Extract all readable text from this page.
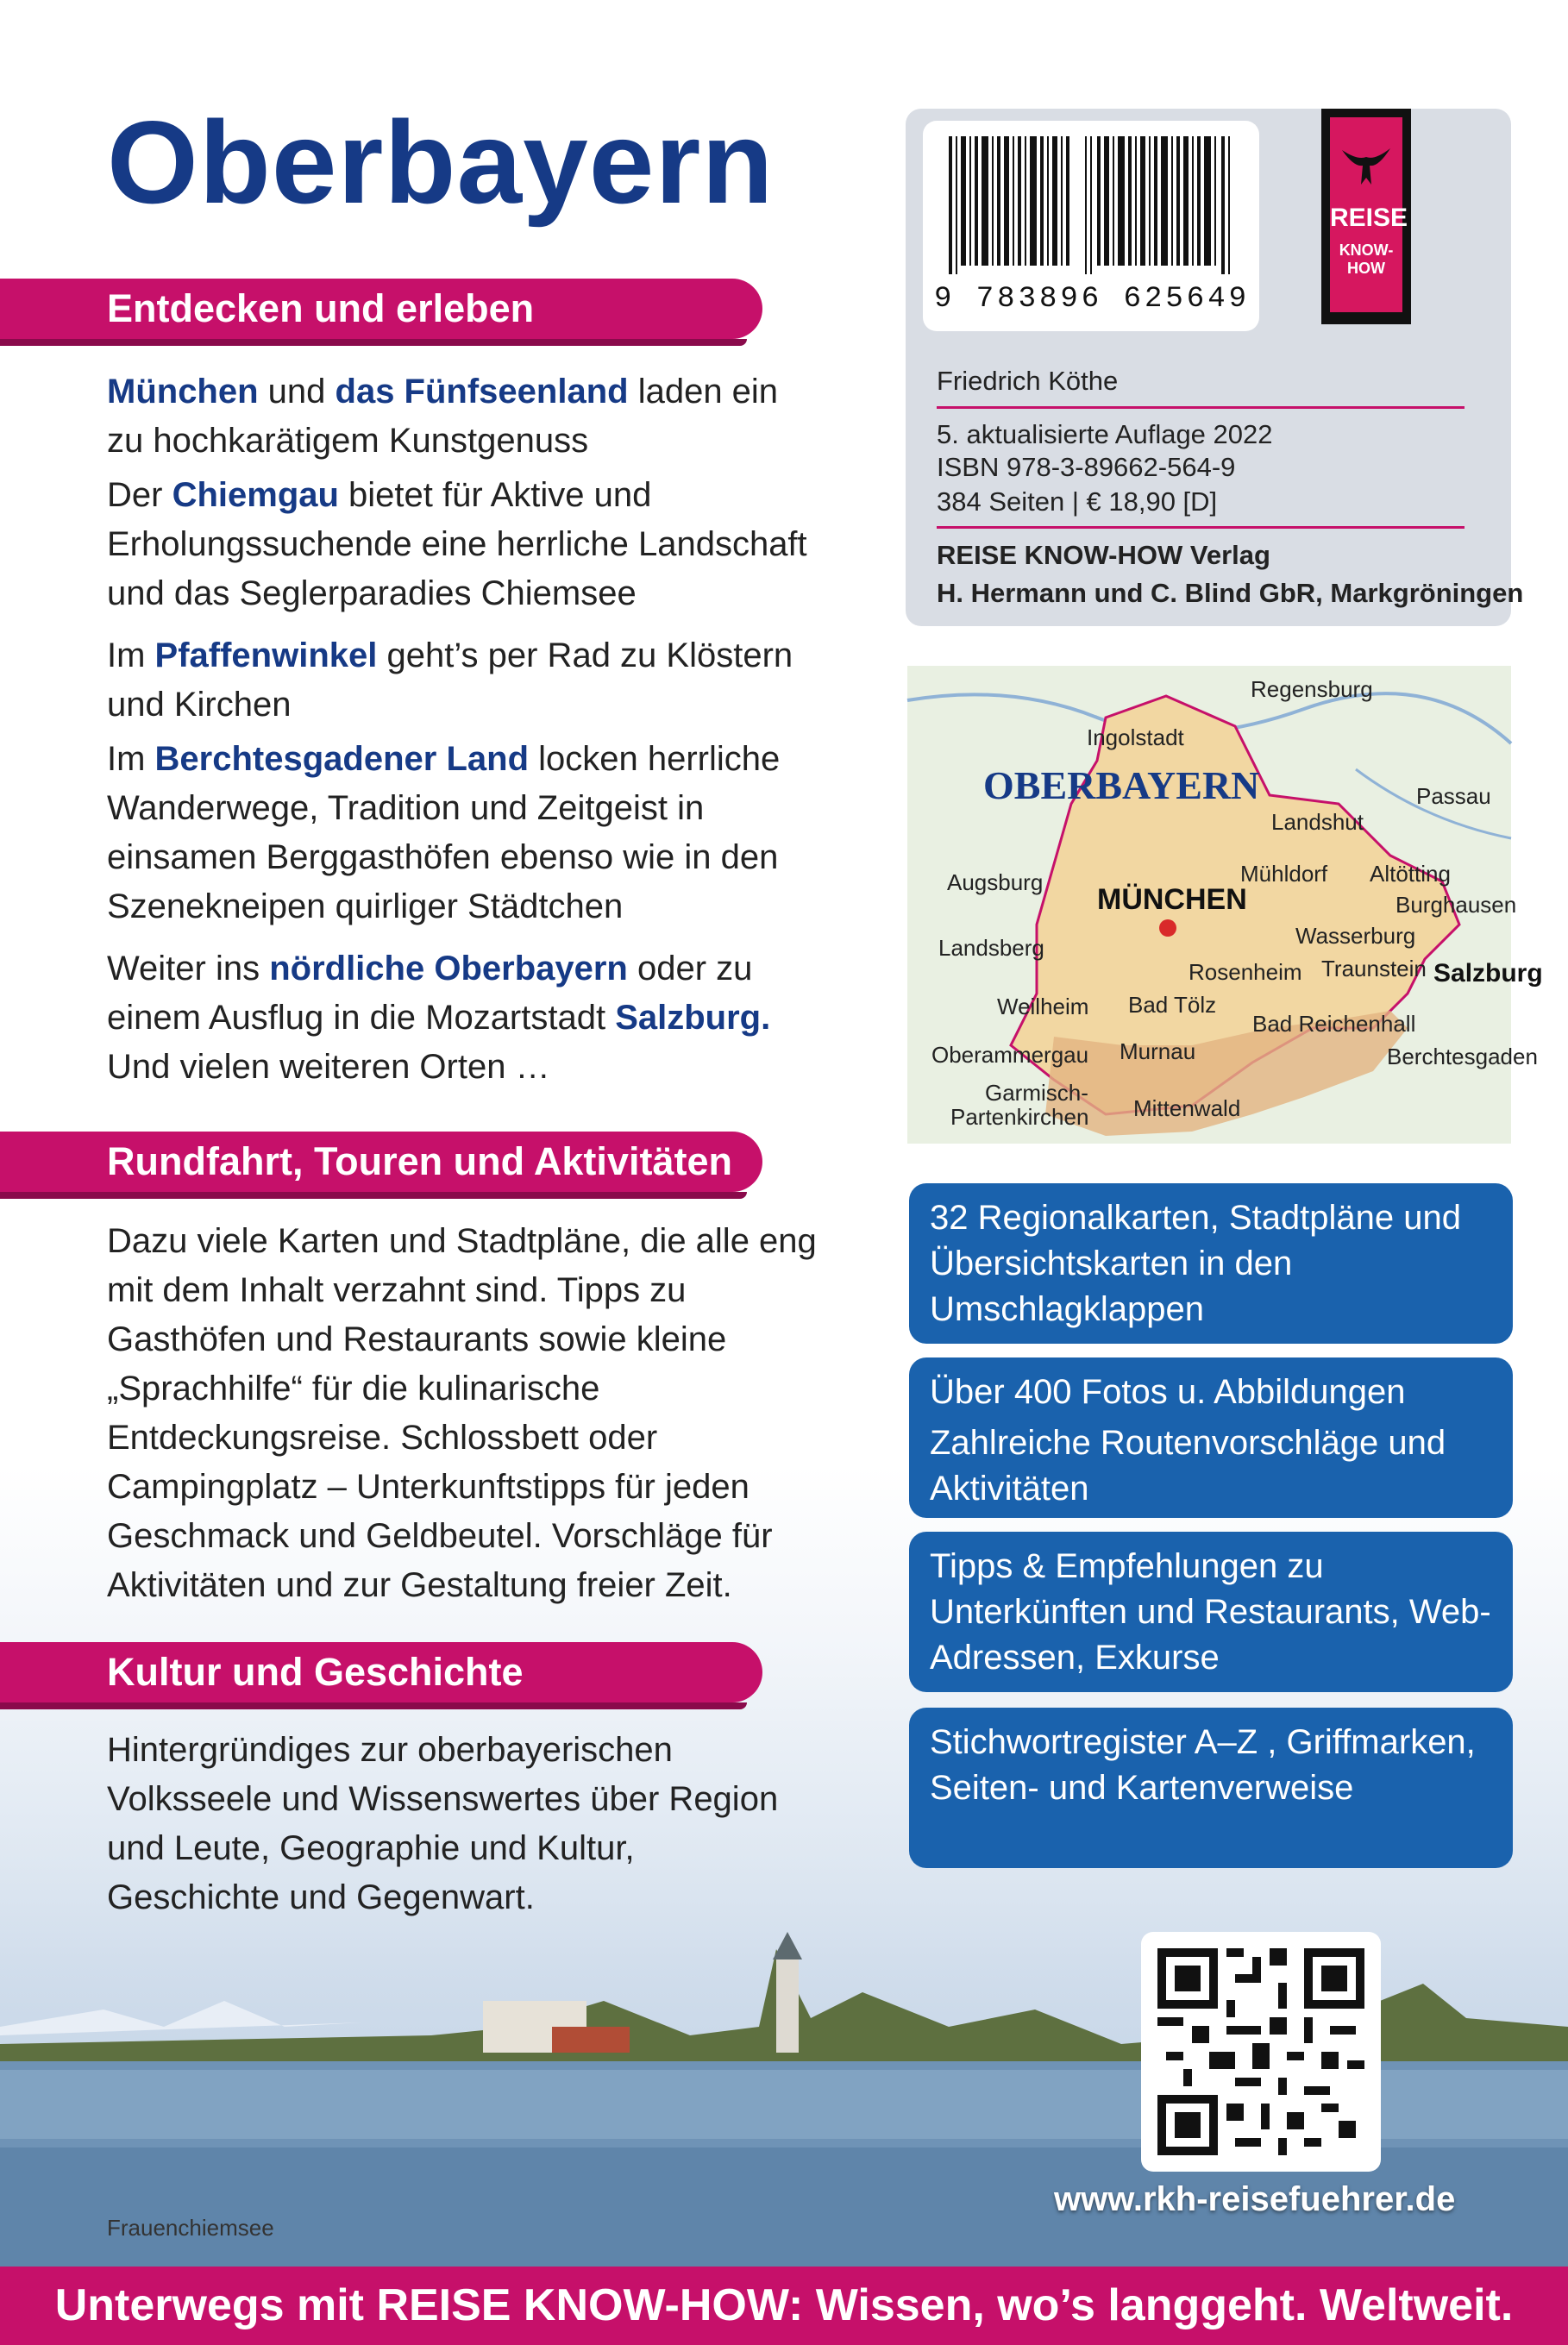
Oberbayern
Entdecken und erleben

München und das Fünfseenland laden ein zu hochkarätigem Kunstgenuss

Der Chiemgau bietet für Aktive und Erholungssuchende eine herrliche Landschaft und das Seglerparadies Chiemsee

Im Pfaffenwinkel geht’s per Rad zu Klöstern und Kirchen

Im Berchtesgadener Land locken herrliche Wanderwege, Tradition und Zeitgeist in einsamen Berggasthöfen ebenso wie in den Szenekneipen quirliger Städtchen

Weiter ins nördliche Oberbayern oder zu einem Ausflug in die Mozartstadt Salzburg. Und vielen weiteren Orten …

Rundfahrt, Touren und Aktivitäten

Dazu viele Karten und Stadtpläne, die alle eng mit dem Inhalt verzahnt sind. Tipps zu Gasthöfen und Restaurants sowie kleine „Sprachhilfe“ für die kulinarische Entdeckungsreise. Schlossbett oder Campingplatz – Unterkunftstipps für jeden Geschmack und Geldbeutel. Vorschläge für Aktivitäten und zur Gestaltung freier Zeit.

Kultur und Geschichte

Hintergründiges zur oberbayerischen Volksseele und Wissenswertes über Region und Leute, Geographie und Kultur, Geschichte und Gegenwart.

9 783896 625649
REISE
KNOW-HOW
Friedrich Köthe
5. aktualisierte Auflage 2022
ISBN 978-3-89662-564-9
384 Seiten | € 18,90 [D]
REISE KNOW-HOW Verlag
H. Hermann und C. Blind GbR, Markgröningen
OBERBAYERN
Regensburg
Ingolstadt
Passau
Landshut
Augsburg
MÜNCHEN
Mühldorf Altötting
Burghausen
Landsberg	Wasserburg
Rosenheim Traunstein Salzburg
Weilheim Bad Tölz
Bad Reichenhall
Oberammergau Murnau	Berchtesgaden
Garmisch-
Partenkirchen Mittenwald

32 Regionalkarten, Stadtpläne und Übersichtskarten in den Umschlagklappen

Über 400 Fotos u. Abbildungen

Zahlreiche Routenvorschläge und Aktivitäten

Tipps & Empfehlungen zu Unterkünften und Restaurants, Web-Adressen, Exkurse

Stichwortregister A–Z , Griffmarken, Seiten- und Kartenverweise

www.rkh-reisefuehrer.de
Frauenchiemsee
Unterwegs mit REISE KNOW-HOW: Wissen, wo’s langgeht. Weltweit.
